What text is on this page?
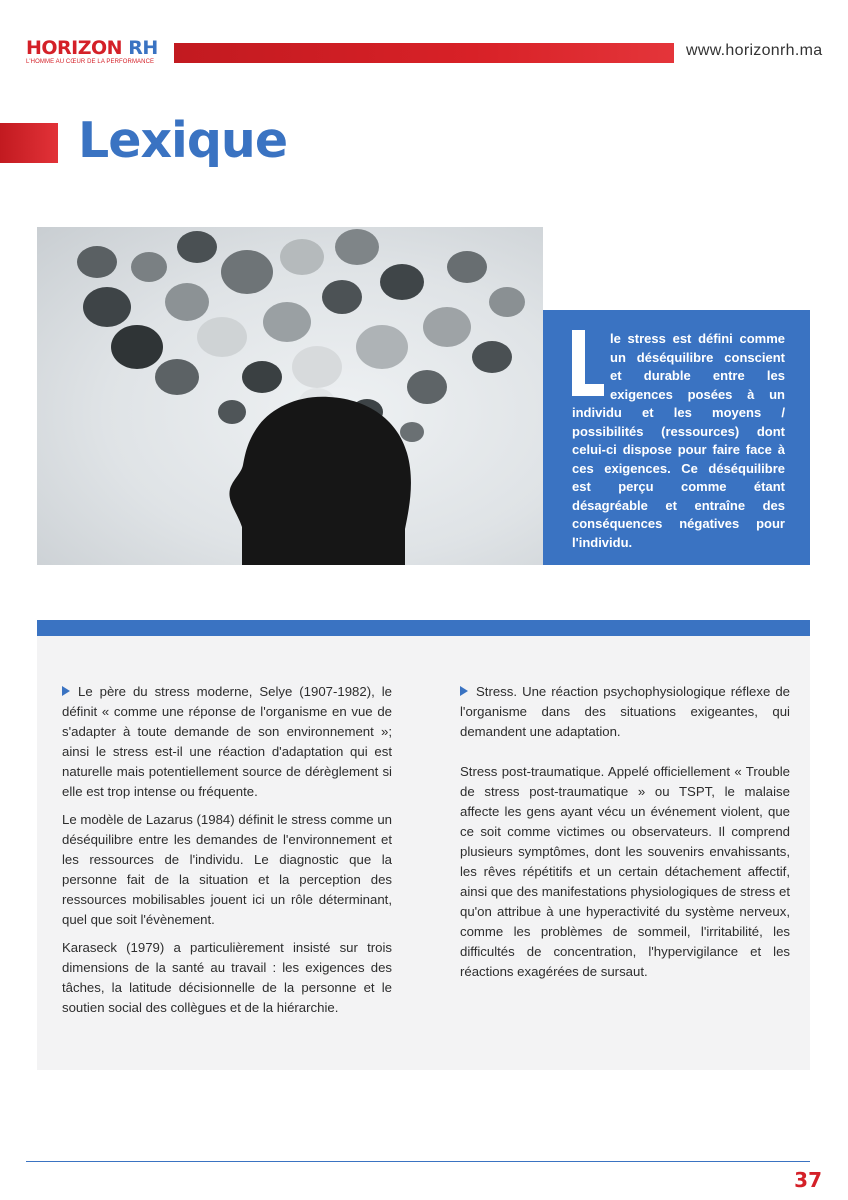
HORIZON RH
L'HOMME AU CŒUR DE LA PERFORMANCE
www.horizonrh.ma
Lexique

le stress est défini comme un déséquilibre conscient et durable entre les exigences posées à un individu et les moyens / possibilités (ressources) dont celui-ci dispose pour faire face à ces exigences. Ce déséquilibre est perçu comme étant désagréable et entraîne des conséquences négatives pour l'individu.

Le père du stress moderne, Selye (1907-1982), le définit « comme une réponse de l'organisme en vue de s'adapter à toute demande de son environnement »; ainsi le stress est-il une réaction d'adaptation qui est naturelle mais potentiellement source de dérèglement si elle est trop intense ou fréquente.

Le modèle de Lazarus (1984) définit le stress comme un déséquilibre entre les demandes de l'environnement et les ressources de l'individu. Le diagnostic que la personne fait de la situation et la perception des ressources mobilisables jouent ici un rôle déterminant, quel que soit l'évènement.

Karaseck (1979) a particulièrement insisté sur trois dimensions de la santé au travail : les exigences des tâches, la latitude décisionnelle de la personne et le soutien social des collègues et de la hiérarchie.

Stress. Une réaction psychophysiologique réflexe de l'organisme dans des situations exigeantes, qui demandent une adaptation.

Stress post-traumatique. Appelé officiellement « Trouble de stress post-traumatique » ou TSPT, le malaise affecte les gens ayant vécu un événement violent, que ce soit comme victimes ou observateurs. Il comprend plusieurs symptômes, dont les souvenirs envahissants, les rêves répétitifs et un certain détachement affectif, ainsi que des manifestations physiologiques de stress et qu'on attribue à une hyperactivité du système nerveux, comme les problèmes de sommeil, l'irritabilité, les difficultés de concentration, l'hypervigilance et les réactions exagérées de sursaut.

37
